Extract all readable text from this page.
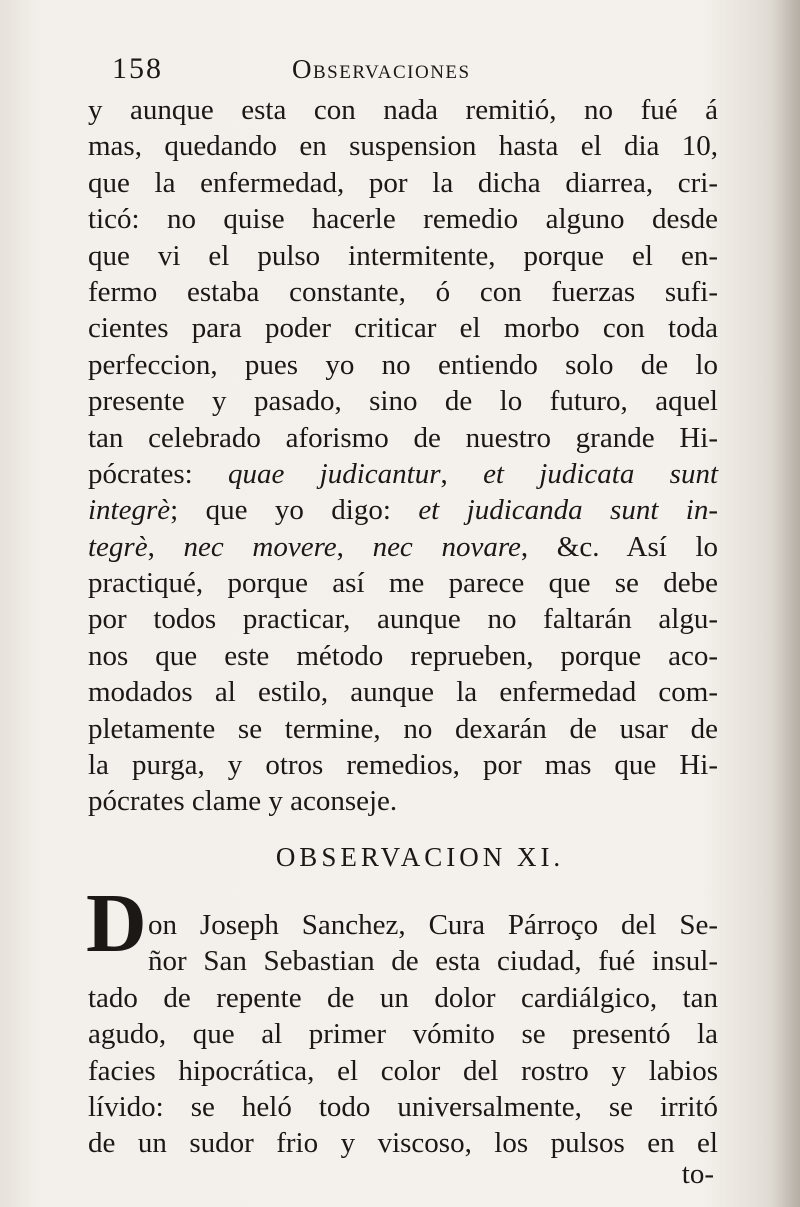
158	Observaciones
y aunque esta con nada remitió, no fué á
mas, quedando en suspension hasta el dia 10,
que la enfermedad, por la dicha diarrea, cri-
ticó: no quise hacerle remedio alguno desde
que vi el pulso intermitente, porque el en-
fermo estaba constante, ó con fuerzas sufi-
cientes para poder criticar el morbo con toda
perfeccion, pues yo no entiendo solo de lo
presente y pasado, sino de lo futuro, aquel
tan celebrado aforismo de nuestro grande Hi-
pócrates: quae judicantur, et judicata sunt
integrè; que yo digo: et judicanda sunt in-
tegrè, nec movere, nec novare, &c. Así lo
practiqué, porque así me parece que se debe
por todos practicar, aunque no faltarán algu-
nos que este método reprueben, porque aco-
modados al estilo, aunque la enfermedad com-
pletamente se termine, no dexarán de usar de
la purga, y otros remedios, por mas que Hi-
pócrates clame y aconseje.
OBSERVACION XI.
D on Joseph Sanchez, Cura Párroço del Se-
ñor San Sebastian de esta ciudad, fué insul-
tado de repente de un dolor cardiálgico, tan
agudo, que al primer vómito se presentó la
facies hipocrática, el color del rostro y labios
lívido: se heló todo universalmente, se irritó
de un sudor frio y viscoso, los pulsos en el
to-
